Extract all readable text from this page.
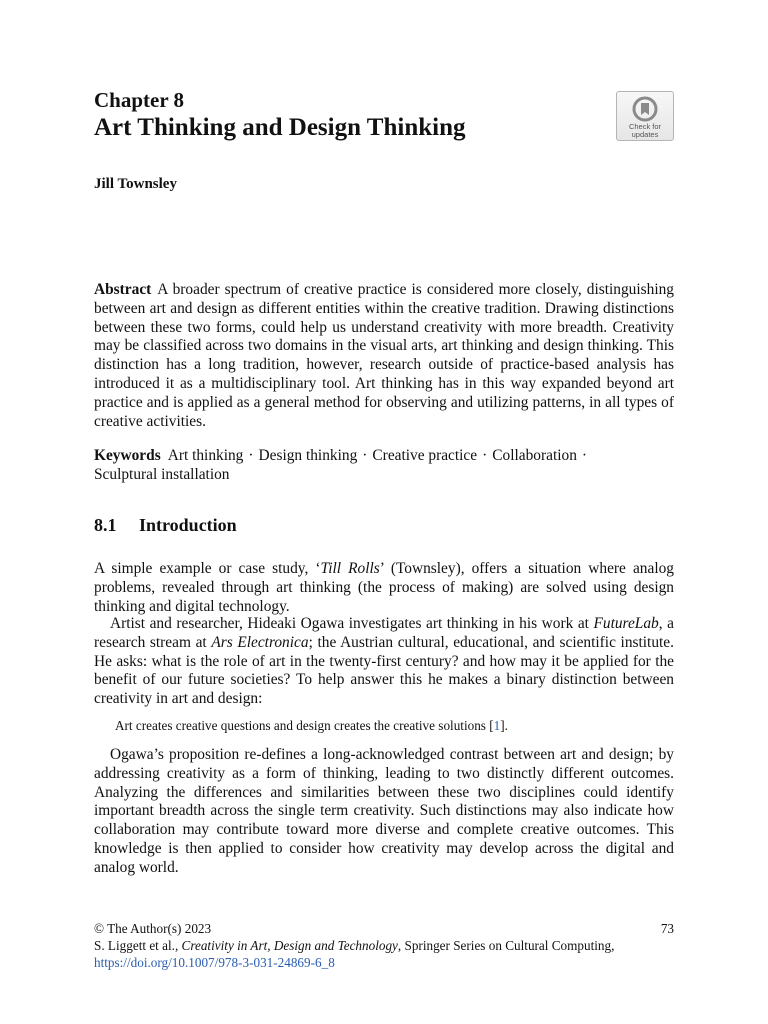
Chapter 8
Art Thinking and Design Thinking	Check for
updates
Jill Townsley
Abstract A broader spectrum of creative practice is considered more closely, distinguishing between art and design as different entities within the creative tradition. Drawing distinctions between these two forms, could help us understand creativity with more breadth. Creativity may be classified across two domains in the visual arts, art thinking and design thinking. This distinction has a long tradition, however, research outside of practice-based analysis has introduced it as a multidisciplinary tool. Art thinking has in this way expanded beyond art practice and is applied as a general method for observing and utilizing patterns, in all types of creative activities.
Keywords Art thinking · Design thinking · Creative practice · Collaboration ·
Sculptural installation
8.1 Introduction
A simple example or case study, ‘Till Rolls’ (Townsley), offers a situation where analog problems, revealed through art thinking (the process of making) are solved using design thinking and digital technology.
Artist and researcher, Hideaki Ogawa investigates art thinking in his work at FutureLab, a research stream at Ars Electronica; the Austrian cultural, educational, and scientific institute. He asks: what is the role of art in the twenty-first century? and how may it be applied for the benefit of our future societies? To help answer this he makes a binary distinction between creativity in art and design:
Art creates creative questions and design creates the creative solutions [1].
Ogawa’s proposition re-defines a long-acknowledged contrast between art and design; by addressing creativity as a form of thinking, leading to two distinctly different outcomes. Analyzing the differences and similarities between these two disciplines could identify important breadth across the single term creativity. Such distinctions may also indicate how collaboration may contribute toward more diverse and complete creative outcomes. This knowledge is then applied to consider how creativity may develop across the digital and analog world.
73
© The Author(s) 2023
S. Liggett et al., Creativity in Art, Design and Technology, Springer Series on Cultural Computing, https://doi.org/10.1007/978-3-031-24869-6_8
